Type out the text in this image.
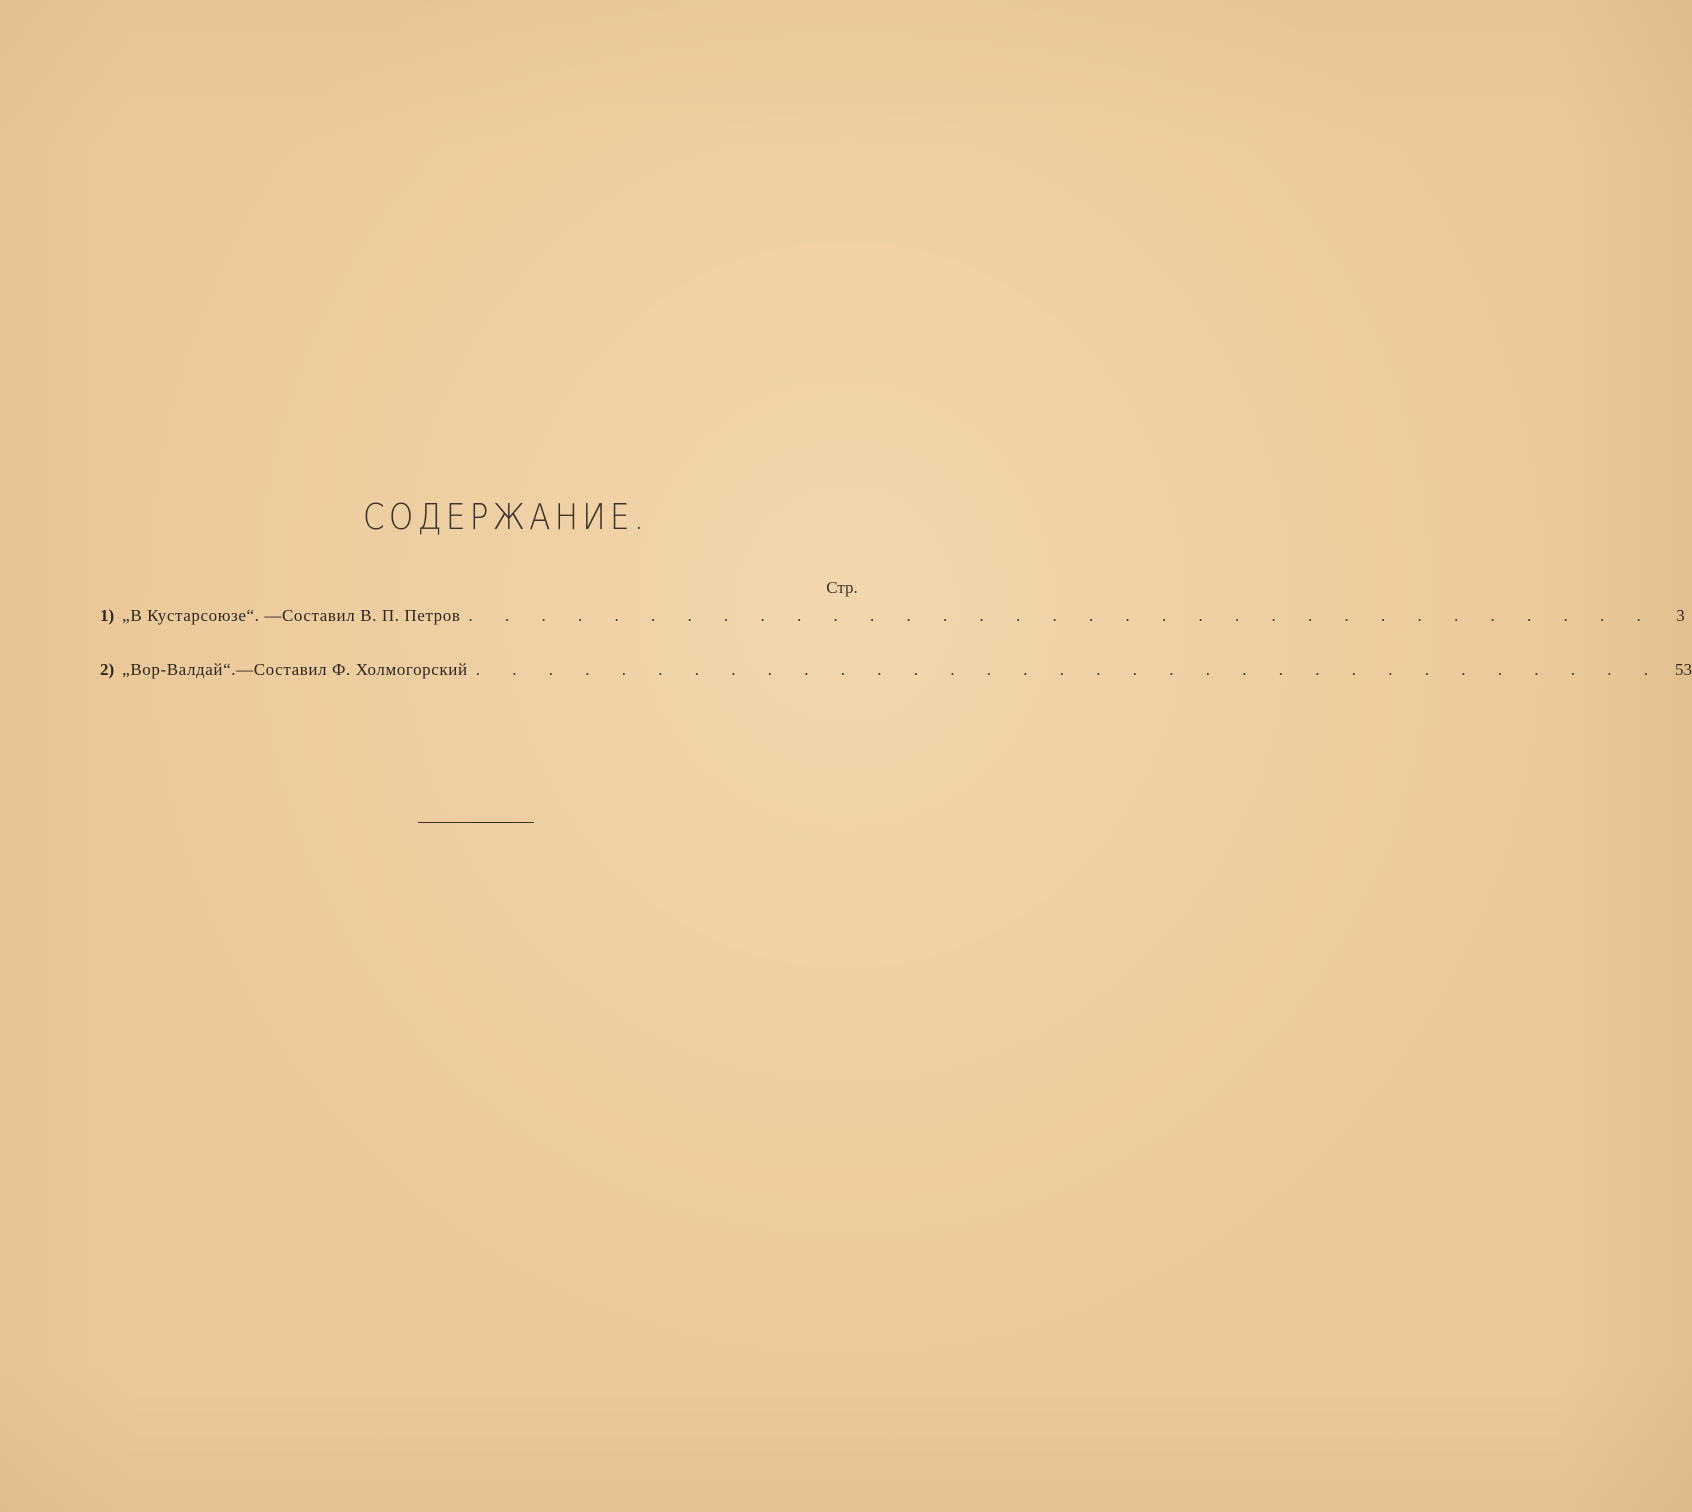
СОДЕРЖАНИЕ.
Стр.
1) „В Кустарсоюзе“. —Составил В. П. Петров . . . . . . . . . . . . . . . . . . . . . . . . . . . . . . . . .	3
2) „Вор-Валдай“.—Составил Ф. Холмогорский . . . . . . . . . . . . . . . . . . . . . . . . . . . . . . . . . 53
